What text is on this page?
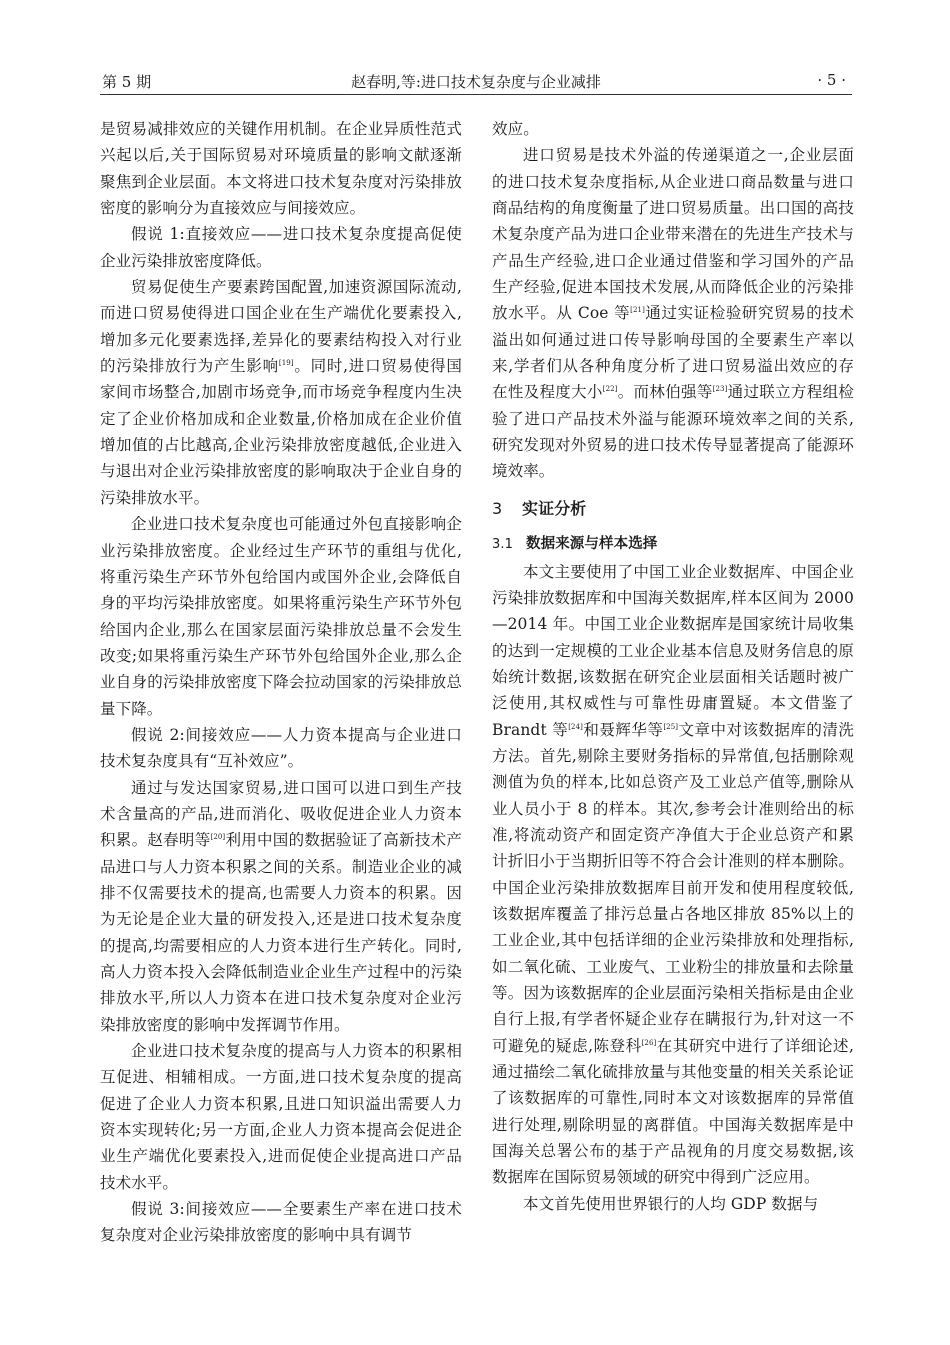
第 5 期	赵春明,等:进口技术复杂度与企业减排	· 5 ·

是贸易减排效应的关键作用机制。在企业异质性范式兴起以后,关于国际贸易对环境质量的影响文献逐渐聚焦到企业层面。本文将进口技术复杂度对污染排放密度的影响分为直接效应与间接效应。

假说 1:直接效应——进口技术复杂度提高促使企业污染排放密度降低。

贸易促使生产要素跨国配置,加速资源国际流动,而进口贸易使得进口国企业在生产端优化要素投入,增加多元化要素选择,差异化的要素结构投入对行业的污染排放行为产生影响[19]。同时,进口贸易使得国家间市场整合,加剧市场竞争,而市场竞争程度内生决定了企业价格加成和企业数量,价格加成在企业价值增加值的占比越高,企业污染排放密度越低,企业进入与退出对企业污染排放密度的影响取决于企业自身的污染排放水平。

企业进口技术复杂度也可能通过外包直接影响企业污染排放密度。企业经过生产环节的重组与优化,将重污染生产环节外包给国内或国外企业,会降低自身的平均污染排放密度。如果将重污染生产环节外包给国内企业,那么在国家层面污染排放总量不会发生改变;如果将重污染生产环节外包给国外企业,那么企业自身的污染排放密度下降会拉动国家的污染排放总量下降。

假说 2:间接效应——人力资本提高与企业进口技术复杂度具有“互补效应”。

通过与发达国家贸易,进口国可以进口到生产技术含量高的产品,进而消化、吸收促进企业人力资本积累。赵春明等[20]利用中国的数据验证了高新技术产品进口与人力资本积累之间的关系。制造业企业的减排不仅需要技术的提高,也需要人力资本的积累。因为无论是企业大量的研发投入,还是进口技术复杂度的提高,均需要相应的人力资本进行生产转化。同时,高人力资本投入会降低制造业企业生产过程中的污染排放水平,所以人力资本在进口技术复杂度对企业污染排放密度的影响中发挥调节作用。

企业进口技术复杂度的提高与人力资本的积累相互促进、相辅相成。一方面,进口技术复杂度的提高促进了企业人力资本积累,且进口知识溢出需要人力资本实现转化;另一方面,企业人力资本提高会促进企业生产端优化要素投入,进而促使企业提高进口产品技术水平。

假说 3:间接效应——全要素生产率在进口技术复杂度对企业污染排放密度的影响中具有调节

效应。

进口贸易是技术外溢的传递渠道之一,企业层面的进口技术复杂度指标,从企业进口商品数量与进口商品结构的角度衡量了进口贸易质量。出口国的高技术复杂度产品为进口企业带来潜在的先进生产技术与产品生产经验,进口企业通过借鉴和学习国外的产品生产经验,促进本国技术发展,从而降低企业的污染排放水平。从 Coe 等[21]通过实证检验研究贸易的技术溢出如何通过进口传导影响母国的全要素生产率以来,学者们从各种角度分析了进口贸易溢出效应的存在性及程度大小[22]。而林伯强等[23]通过联立方程组检验了进口产品技术外溢与能源环境效率之间的关系,研究发现对外贸易的进口技术传导显著提高了能源环境效率。

3 实证分析
3.1 数据来源与样本选择

本文主要使用了中国工业企业数据库、中国企业污染排放数据库和中国海关数据库,样本区间为 2000—2014 年。中国工业企业数据库是国家统计局收集的达到一定规模的工业企业基本信息及财务信息的原始统计数据,该数据在研究企业层面相关话题时被广泛使用,其权威性与可靠性毋庸置疑。本文借鉴了 Brandt 等[24]和聂辉华等[25]文章中对该数据库的清洗方法。首先,剔除主要财务指标的异常值,包括删除观测值为负的样本,比如总资产及工业总产值等,删除从业人员小于 8 的样本。其次,参考会计准则给出的标准,将流动资产和固定资产净值大于企业总资产和累计折旧小于当期折旧等不符合会计准则的样本删除。中国企业污染排放数据库目前开发和使用程度较低,该数据库覆盖了排污总量占各地区排放 85%以上的工业企业,其中包括详细的企业污染排放和处理指标,如二氧化硫、工业废气、工业粉尘的排放量和去除量等。因为该数据库的企业层面污染相关指标是由企业自行上报,有学者怀疑企业存在瞒报行为,针对这一不可避免的疑虑,陈登科[26]在其研究中进行了详细论述,通过描绘二氧化硫排放量与其他变量的相关关系论证了该数据库的可靠性,同时本文对该数据库的异常值进行处理,剔除明显的离群值。中国海关数据库是中国海关总署公布的基于产品视角的月度交易数据,该数据库在国际贸易领域的研究中得到广泛应用。

本文首先使用世界银行的人均 GDP 数据与
